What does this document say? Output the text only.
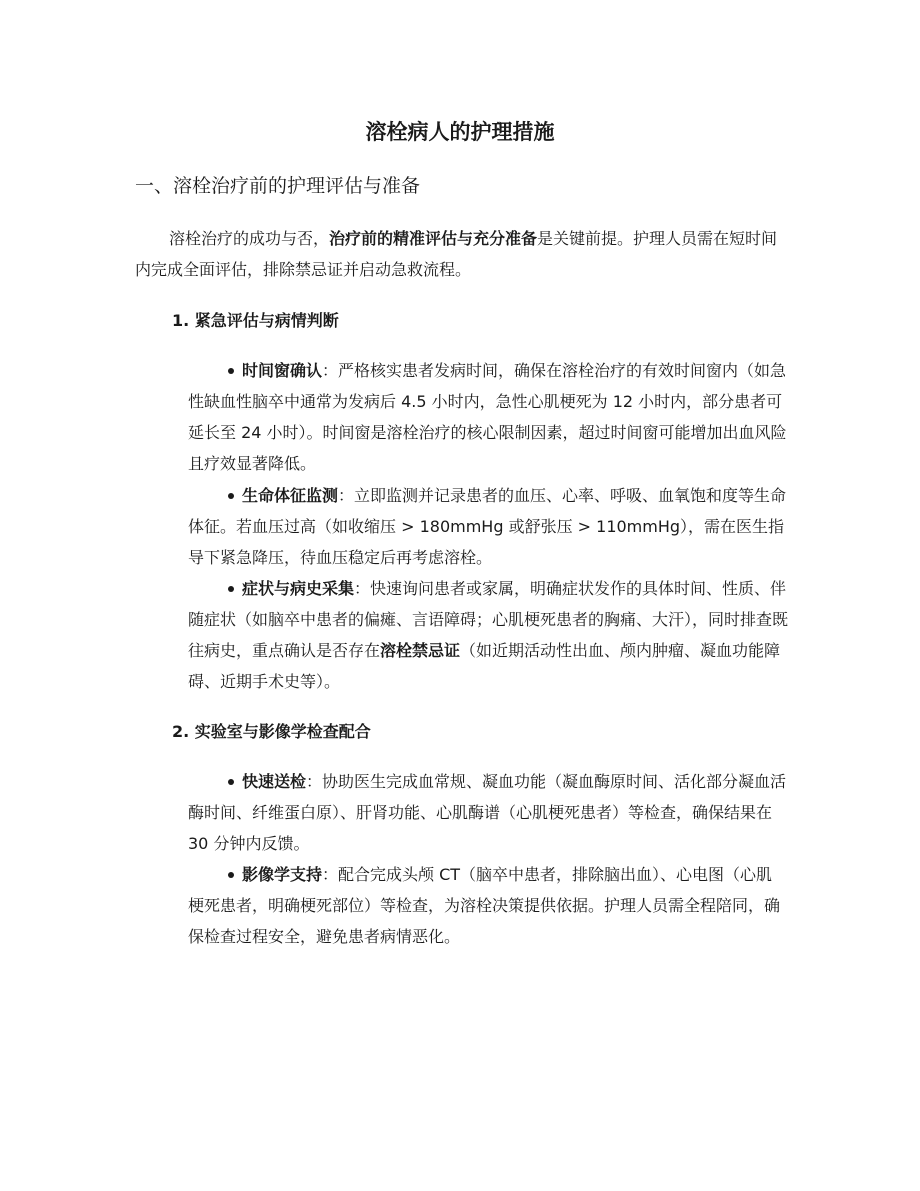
溶栓病人的护理措施
一、溶栓治疗前的护理评估与准备
溶栓治疗的成功与否，治疗前的精准评估与充分准备是关键前提。护理人员需在短时间内完成全面评估，排除禁忌证并启动急救流程。
1. 紧急评估与病情判断
时间窗确认：严格核实患者发病时间，确保在溶栓治疗的有效时间窗内（如急性缺血性脑卒中通常为发病后 4.5 小时内，急性心肌梗死为 12 小时内，部分患者可延长至 24 小时）。时间窗是溶栓治疗的核心限制因素，超过时间窗可能增加出血风险且疗效显著降低。
生命体征监测：立即监测并记录患者的血压、心率、呼吸、血氧饱和度等生命体征。若血压过高（如收缩压 > 180mmHg 或舒张压 > 110mmHg），需在医生指导下紧急降压，待血压稳定后再考虑溶栓。
症状与病史采集：快速询问患者或家属，明确症状发作的具体时间、性质、伴随症状（如脑卒中患者的偏瘫、言语障碍；心肌梗死患者的胸痛、大汗），同时排查既往病史，重点确认是否存在溶栓禁忌证（如近期活动性出血、颅内肿瘤、凝血功能障碍、近期手术史等）。
2. 实验室与影像学检查配合
快速送检：协助医生完成血常规、凝血功能（凝血酶原时间、活化部分凝血活酶时间、纤维蛋白原）、肝肾功能、心肌酶谱（心肌梗死患者）等检查，确保结果在 30 分钟内反馈。
影像学支持：配合完成头颅 CT（脑卒中患者，排除脑出血）、心电图（心肌梗死患者，明确梗死部位）等检查，为溶栓决策提供依据。护理人员需全程陪同，确保检查过程安全，避免患者病情恶化。
